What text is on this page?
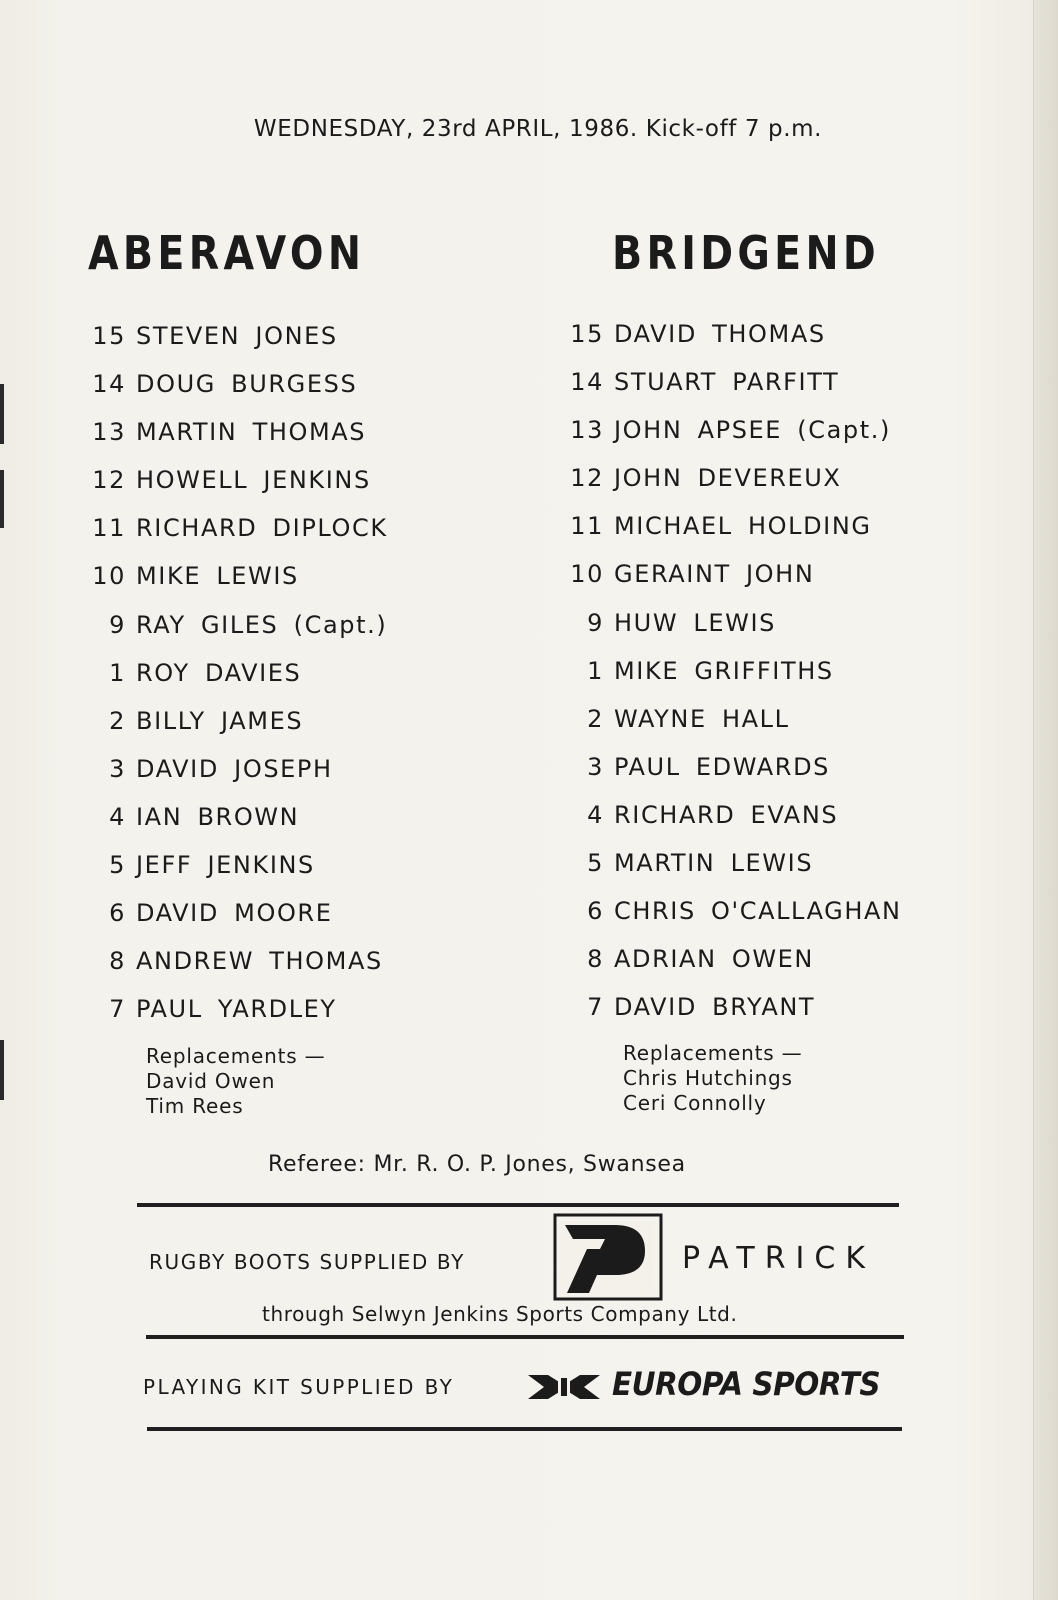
WEDNESDAY, 23rd APRIL, 1986. Kick-off 7 p.m.
ABERAVON	BRIDGEND
15 STEVEN JONES
14 DOUG BURGESS
13 MARTIN THOMAS
12 HOWELL JENKINS
11 RICHARD DIPLOCK
10 MIKE LEWIS
9 RAY GILES (Capt.)
1 ROY DAVIES
2 BILLY JAMES
3 DAVID JOSEPH
4 IAN BROWN
5 JEFF JENKINS
6 DAVID MOORE
8 ANDREW THOMAS
7 PAUL YARDLEY
15 DAVID THOMAS
14 STUART PARFITT
13 JOHN APSEE (Capt.)
12 JOHN DEVEREUX
11 MICHAEL HOLDING
10 GERAINT JOHN
9 HUW LEWIS
1 MIKE GRIFFITHS
2 WAYNE HALL
3 PAUL EDWARDS
4 RICHARD EVANS
5 MARTIN LEWIS
6 CHRIS O'CALLAGHAN
8 ADRIAN OWEN
7 DAVID BRYANT
Replacements —
David Owen
Tim Rees
Replacements —
Chris Hutchings
Ceri Connolly
Referee: Mr. R. O. P. Jones, Swansea
RUGBY BOOTS SUPPLIED BY	PATRICK
through Selwyn Jenkins Sports Company Ltd.
PLAYING KIT SUPPLIED BY	EUROPA SPORTS
